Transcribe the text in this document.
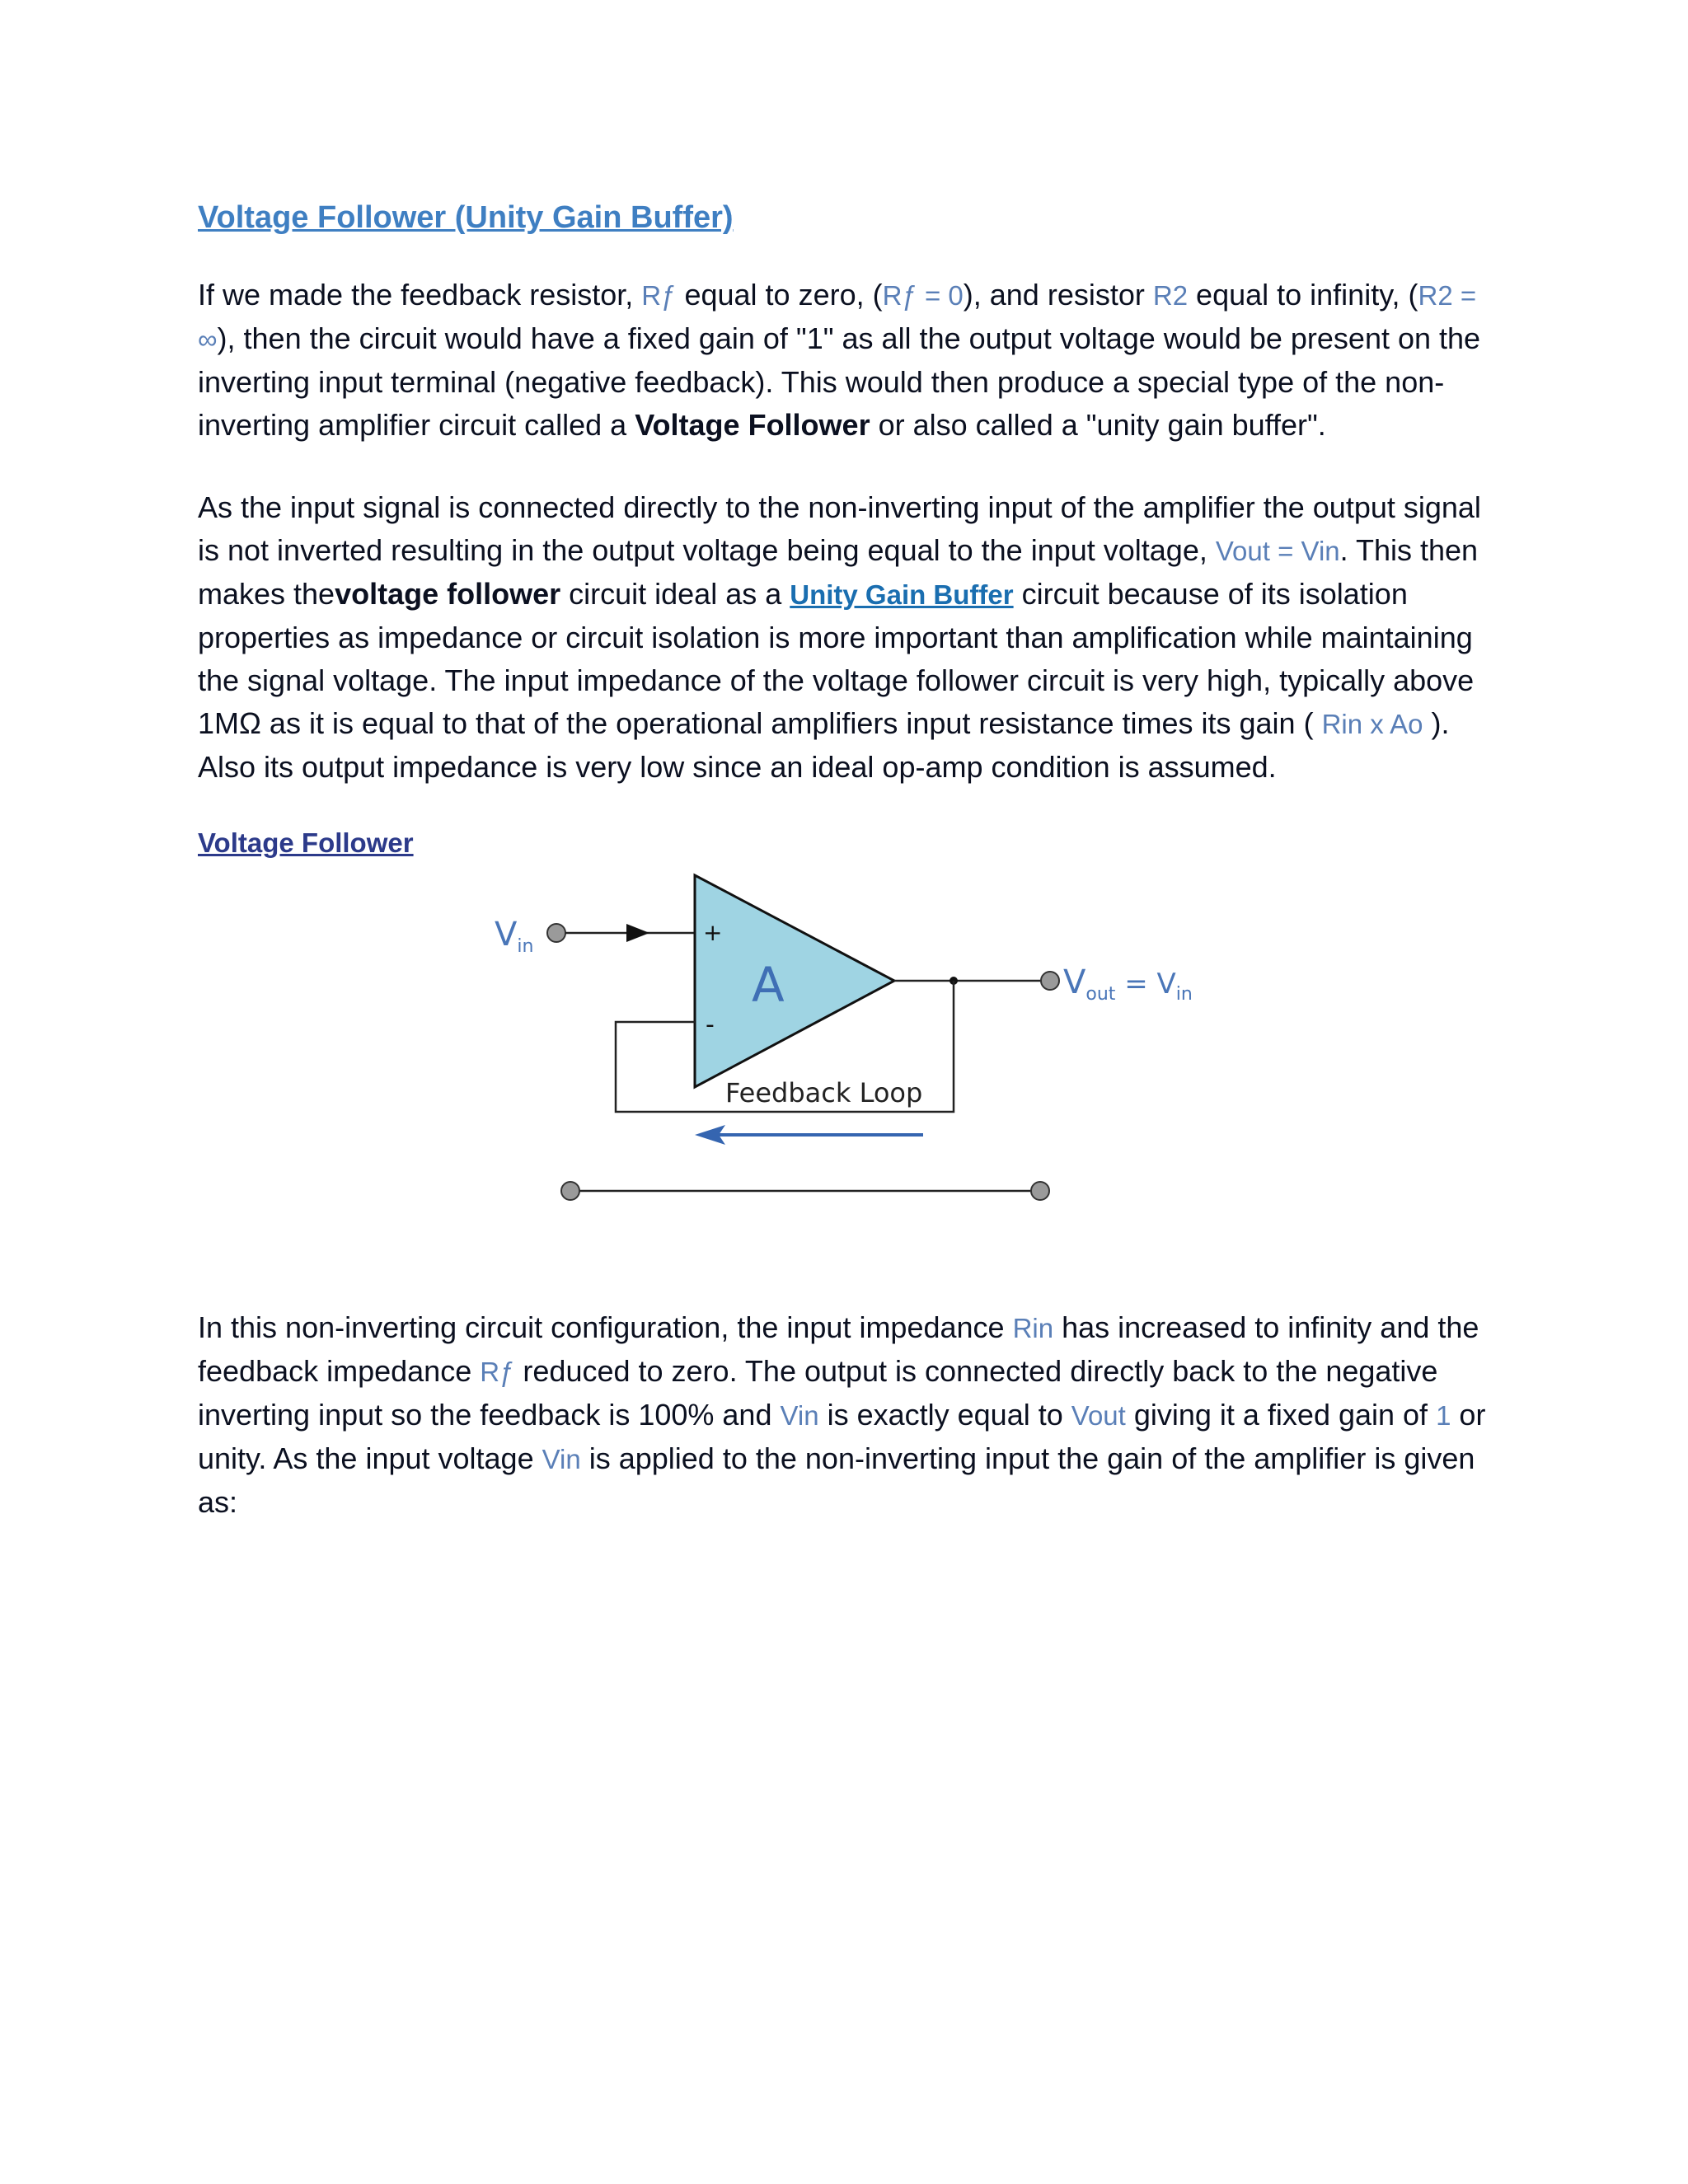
Voltage Follower (Unity Gain Buffer)

If we made the feedback resistor, Rƒ equal to zero, (Rƒ = 0), and resistor R2 equal to infinity, (R2 = ∞), then the circuit would have a fixed gain of "1" as all the output voltage would be present on the inverting input terminal (negative feedback). This would then produce a special type of the non-inverting amplifier circuit called a Voltage Follower or also called a "unity gain buffer".

As the input signal is connected directly to the non-inverting input of the amplifier the output signal is not inverted resulting in the output voltage being equal to the input voltage, Vout = Vin. This then makes thevoltage follower circuit ideal as a Unity Gain Buffer circuit because of its isolation properties as impedance or circuit isolation is more important than amplification while maintaining the signal voltage. The input impedance of the voltage follower circuit is very high, typically above 1MΩ as it is equal to that of the operational amplifiers input resistance times its gain ( Rin x Ao ). Also its output impedance is very low since an ideal op-amp condition is assumed.

Voltage Follower
$V_{in}$
+
-
A	$V_{out}$ $^{= V}_{in}$
Feedback Loop

In this non-inverting circuit configuration, the input impedance Rin has increased to infinity and the feedback impedance Rƒ reduced to zero. The output is connected directly back to the negative inverting input so the feedback is 100% and Vin is exactly equal to Vout giving it a fixed gain of 1 or unity. As the input voltage Vin is applied to the non-inverting input the gain of the amplifier is given as:
